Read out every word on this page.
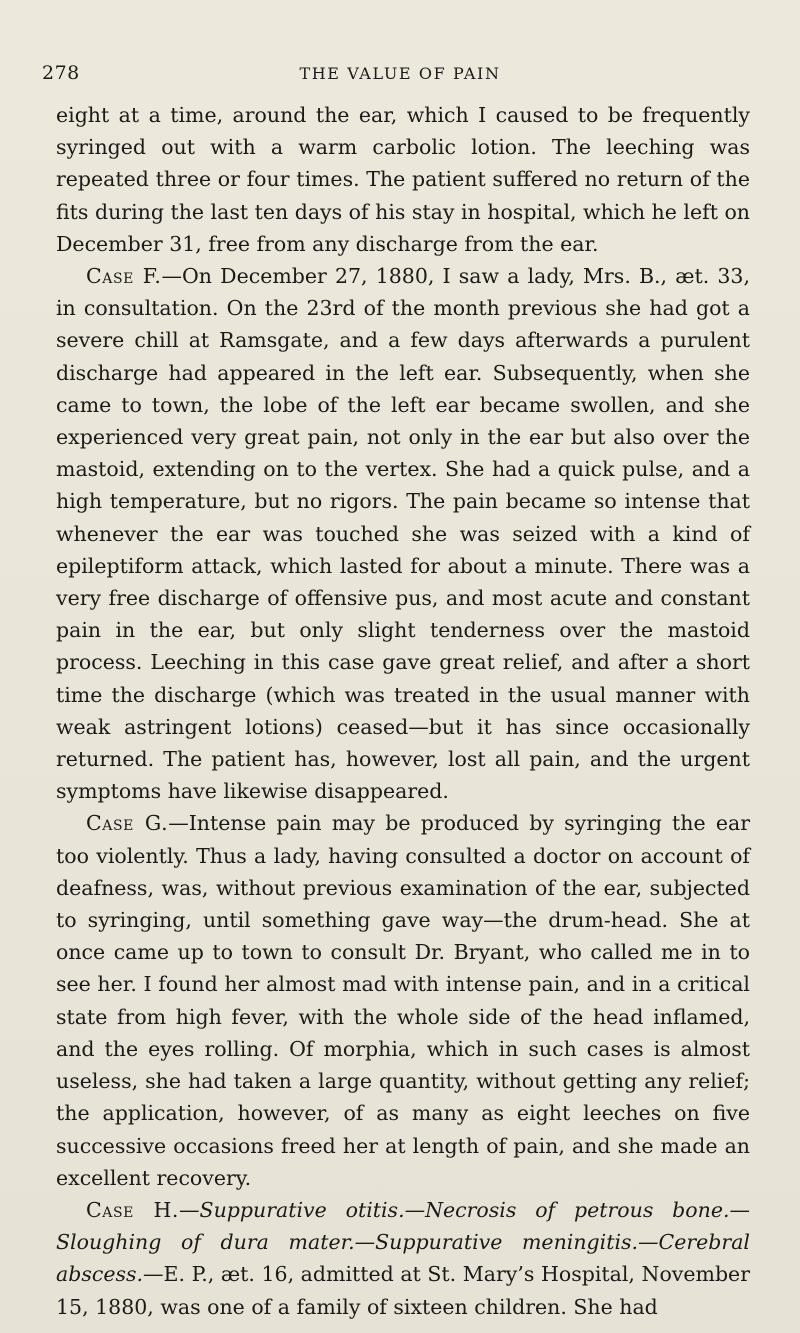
278	THE VALUE OF PAIN

eight at a time, around the ear, which I caused to be frequently syringed out with a warm carbolic lotion. The leeching was repeated three or four times. The patient suffered no return of the fits during the last ten days of his stay in hospital, which he left on December 31, free from any discharge from the ear.

Case F.—On December 27, 1880, I saw a lady, Mrs. B., æt. 33, in consultation. On the 23rd of the month previous she had got a severe chill at Ramsgate, and a few days afterwards a purulent discharge had appeared in the left ear. Subsequently, when she came to town, the lobe of the left ear became swollen, and she experienced very great pain, not only in the ear but also over the mastoid, extending on to the vertex. She had a quick pulse, and a high temperature, but no rigors. The pain became so intense that whenever the ear was touched she was seized with a kind of epileptiform attack, which lasted for about a minute. There was a very free discharge of offensive pus, and most acute and constant pain in the ear, but only slight tenderness over the mastoid process. Leeching in this case gave great relief, and after a short time the discharge (which was treated in the usual manner with weak astringent lotions) ceased—but it has since occasionally returned. The patient has, however, lost all pain, and the urgent symptoms have likewise disappeared.

Case G.—Intense pain may be produced by syringing the ear too violently. Thus a lady, having consulted a doctor on account of deafness, was, without previous examination of the ear, subjected to syringing, until something gave way—the drum-head. She at once came up to town to consult Dr. Bryant, who called me in to see her. I found her almost mad with intense pain, and in a critical state from high fever, with the whole side of the head inflamed, and the eyes rolling. Of morphia, which in such cases is almost useless, she had taken a large quantity, without getting any relief; the application, however, of as many as eight leeches on five successive occasions freed her at length of pain, and she made an excellent recovery.

Case H.—Suppurative otitis.—Necrosis of petrous bone.—Sloughing of dura mater.—Suppurative meningitis.—Cerebral abscess.—E. P., æt. 16, admitted at St. Mary’s Hospital, November 15, 1880, was one of a family of sixteen children. She had
